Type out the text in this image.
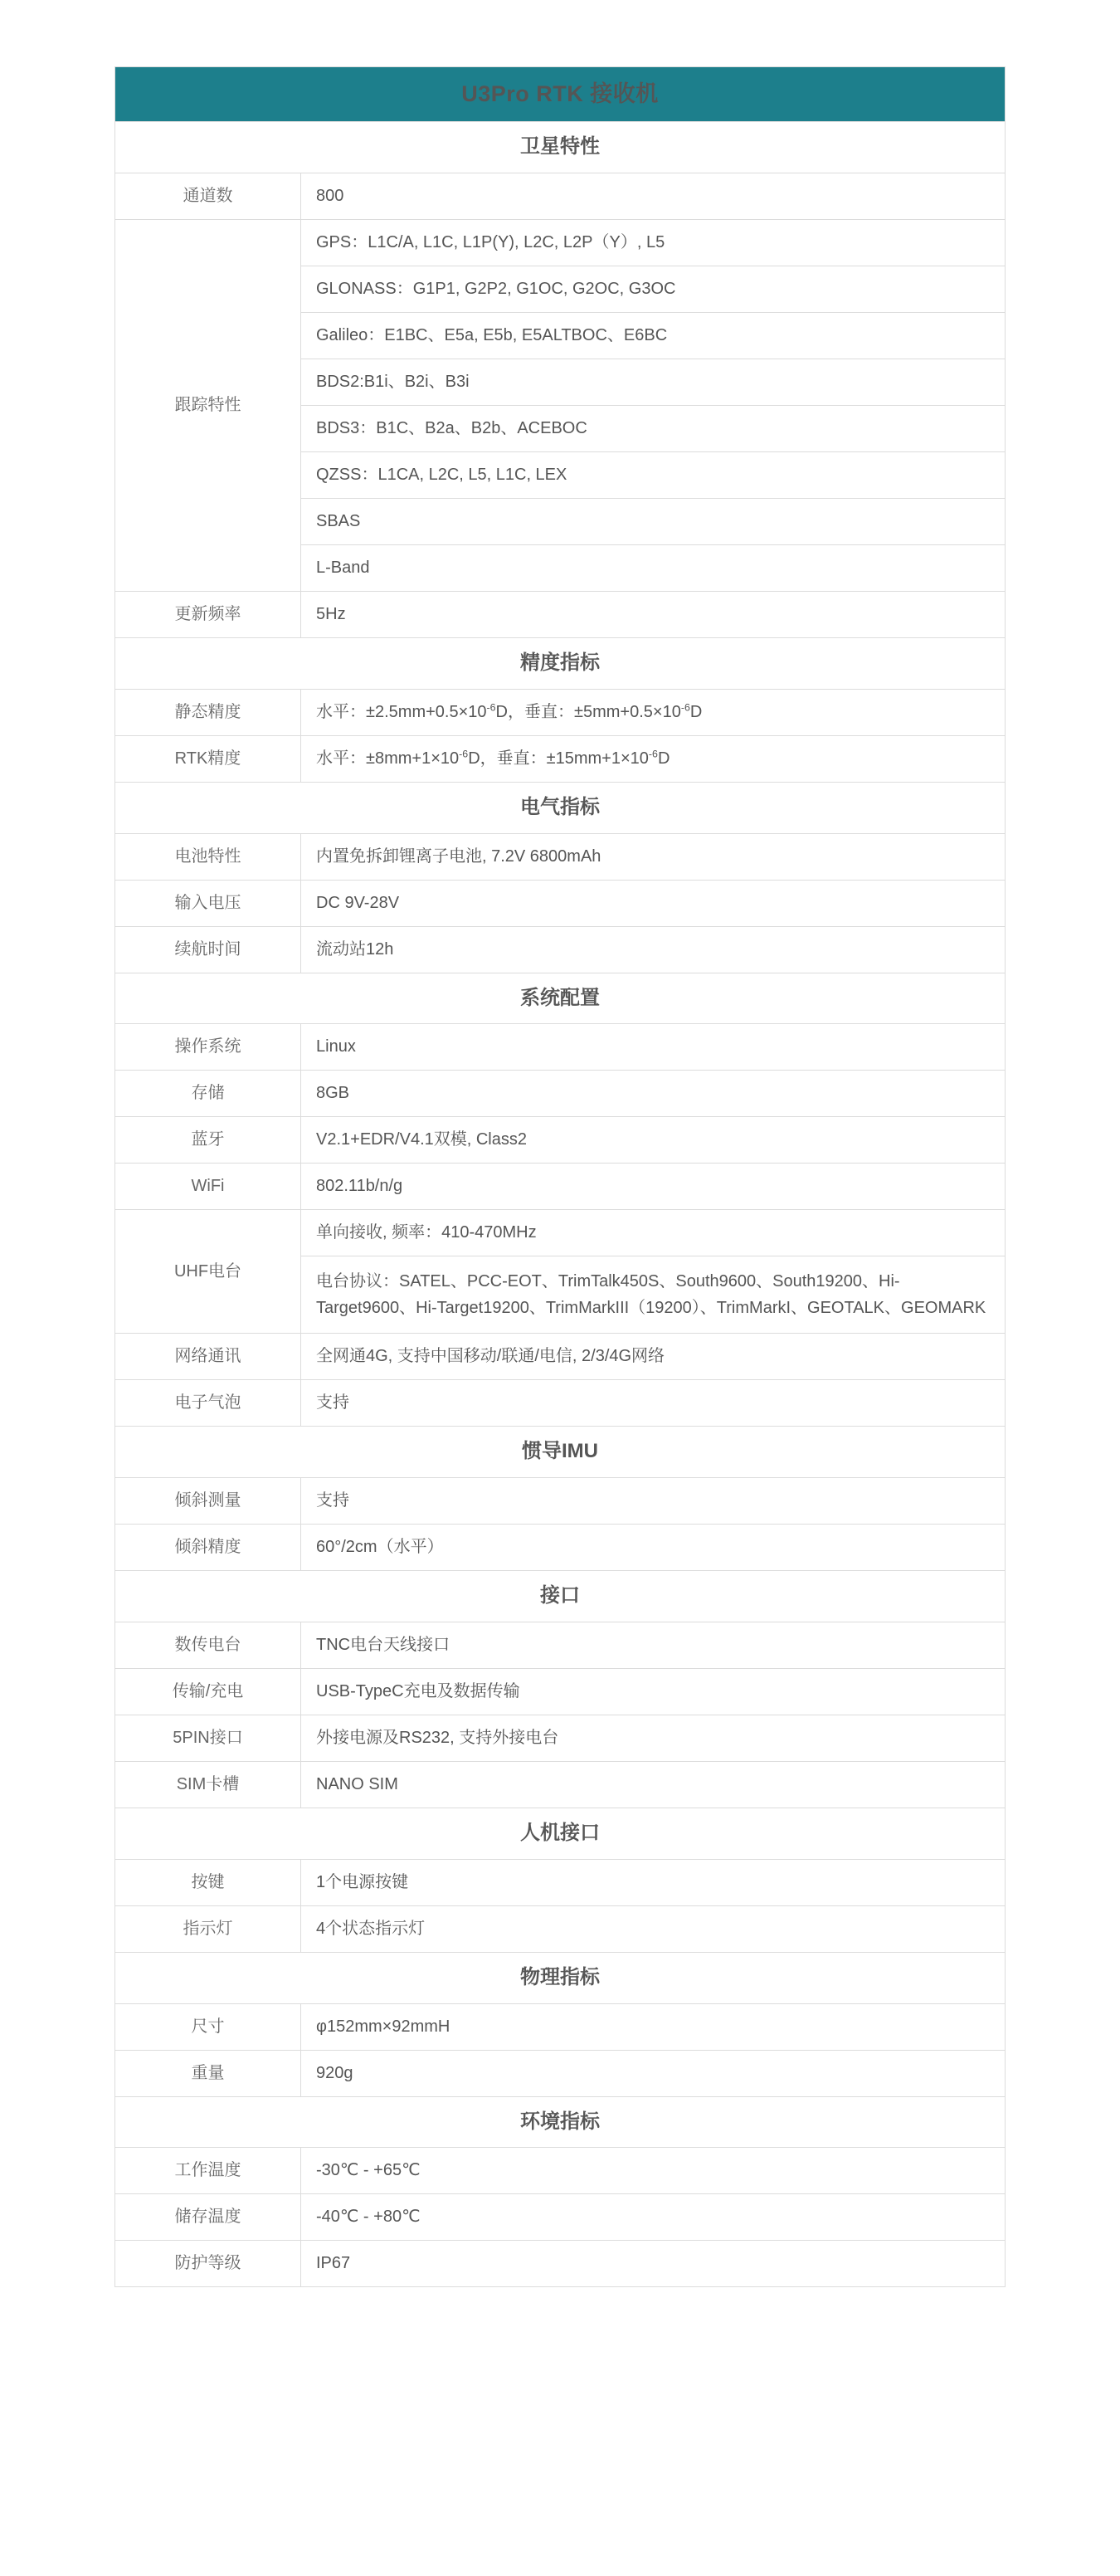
U3Pro RTK 接收机	
卫星特性	
通道数	800
跟踪特性	GPS：L1C/A, L1C, L1P(Y), L2C, L2P（Y）, L5
	GLONASS：G1P1, G2P2, G1OC, G2OC, G3OC
	Galileo：E1BC、E5a, E5b, E5ALTBOC、E6BC
	BDS2:B1i、B2i、B3i
	BDS3：B1C、B2a、B2b、ACEBOC
	QZSS：L1CA, L2C, L5, L1C, LEX
	SBAS
	L-Band
更新频率	5Hz
精度指标	
静态精度	水平：$\pm 2.5mm+0.5\times 10^{-6}D$，垂直：$\pm 5mm+0.5\times 10^{-6}D$
RTK精度	水平：$\pm 8mm+1\times 10^{-6}D$，垂直：$\pm 15mm+1\times 10^{-6}D$
电气指标	
电池特性	内置免拆卸锂离子电池, 7.2V 6800mAh
输入电压	DC 9V-28V
续航时间	流动站12h
系统配置	
操作系统	Linux
存储	8GB
蓝牙	V2.1+EDR/V4.1双模, Class2
WiFi	802.11b/n/g
UHF电台	单向接收, 频率：410-470MHz
	电台协议：SATEL、PCC-EOT、TrimTalk450S、South9600、South19200、Hi-Target9600、Hi-Target19200、TrimMarkIII（19200）、TrimMarkI、GEOTALK、GEOMARK
网络通讯	全网通4G, 支持中国移动/联通/电信, 2/3/4G网络
电子气泡	支持
惯导IMU	
倾斜测量	支持
倾斜精度	60°/2cm（水平）
接口	
数传电台	TNC电台天线接口
传输/充电	USB-TypeC充电及数据传输
5PIN接口	外接电源及RS232, 支持外接电台
SIM卡槽	NANO SIM
人机接口	
按键	1个电源按键
指示灯	4个状态指示灯
物理指标	
尺寸	φ152mm×92mmH
重量	920g
环境指标	
工作温度	-30℃ - +65℃
储存温度	-40℃ - +80℃
防护等级	IP67
